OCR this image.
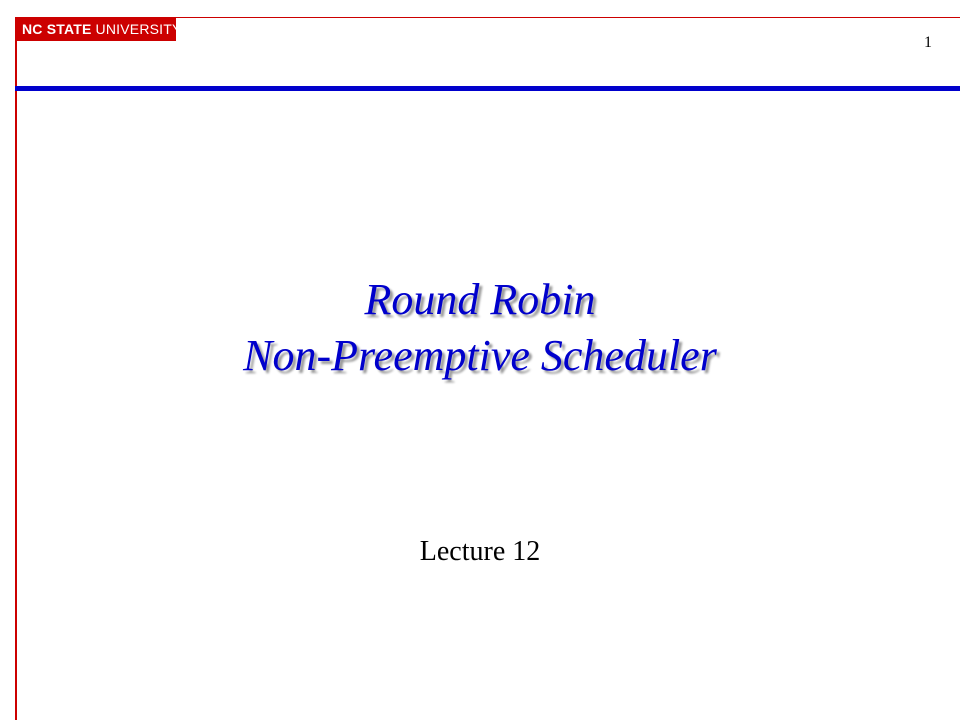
NC STATE UNIVERSITY
1
Round Robin
Non-Preemptive Scheduler
Lecture 12
